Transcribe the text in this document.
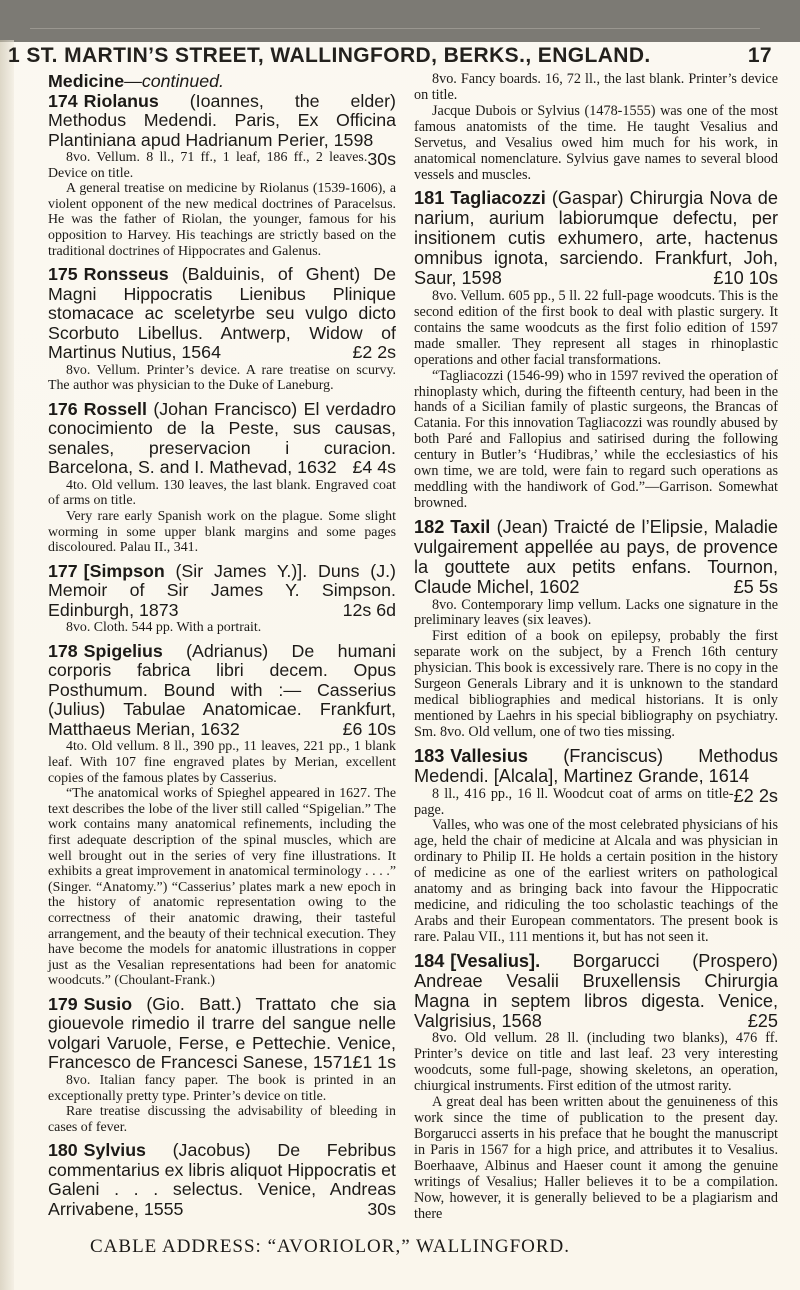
1 ST. MARTIN’S STREET, WALLINGFORD, BERKS., ENGLAND.	17

Medicine—continued.

174 Riolanus (Ioannes, the elder) Methodus Medendi. Paris, Ex Officina Plantiniana apud Hadrianum Perier, 1598
30s

8vo. Vellum. 8 ll., 71 ff., 1 leaf, 186 ff., 2 leaves. Device on title.

A general treatise on medicine by Riolanus (1539-1606), a violent opponent of the new medical doctrines of Paracelsus. He was the father of Riolan, the younger, famous for his opposition to Harvey. His teachings are strictly based on the traditional doctrines of Hippocrates and Galenus.

175 Ronsseus (Balduinis, of Ghent) De Magni Hippocratis Lienibus Plinique stomacace ac sceletyrbe seu vulgo dicto Scorbuto Libellus. Antwerp, Widow of Martinus Nutius, 1564	£2 2s

8vo. Vellum. Printer’s device. A rare treatise on scurvy. The author was physician to the Duke of Laneburg.

176 Rossell (Johan Francisco) El verdadro conocimiento de la Peste, sus causas, senales, preservacion i curacion. Barcelona, S. and I. Mathevad, 1632 £4 4s

4to. Old vellum. 130 leaves, the last blank. Engraved coat of arms on title.

Very rare early Spanish work on the plague. Some slight worming in some upper blank margins and some pages discoloured. Palau II., 341.

177 [Simpson (Sir James Y.)]. Duns (J.) Memoir of Sir James Y. Simpson. Edinburgh, 1873	12s 6d

8vo. Cloth. 544 pp. With a portrait.

178 Spigelius (Adrianus) De humani corporis fabrica libri decem. Opus Posthumum. Bound with :— Casserius (Julius) Tabulae Anatomicae. Frankfurt, Matthaeus Merian, 1632	£6 10s

4to. Old vellum. 8 ll., 390 pp., 11 leaves, 221 pp., 1 blank leaf. With 107 fine engraved plates by Merian, excellent copies of the famous plates by Casserius.

“The anatomical works of Spieghel appeared in 1627. The text describes the lobe of the liver still called “Spigelian.” The work contains many anatomical refinements, including the first adequate description of the spinal muscles, which are well brought out in the series of very fine illustrations. It exhibits a great improvement in anatomical terminology . . . .” (Singer. “Anatomy.”) “Casserius’ plates mark a new epoch in the history of anatomic representation owing to the correctness of their anatomic drawing, their tasteful arrangement, and the beauty of their technical execution. They have become the models for anatomic illustrations in copper just as the Vesalian representations had been for anatomic woodcuts.” (Choulant-Frank.)

179 Susio (Gio. Batt.) Trattato che sia giouevole rimedio il trarre del sangue nelle volgari Varuole, Ferse, e Pettechie. Venice, Francesco de Francesci Sanese, 1571 £1 1s

8vo. Italian fancy paper. The book is printed in an exceptionally pretty type. Printer’s device on title.

Rare treatise discussing the advisability of bleeding in cases of fever.

180 Sylvius (Jacobus) De Febribus commentarius ex libris aliquot Hippocratis et Galeni . . . selectus. Venice, Andreas Arrivabene, 1555	30s

8vo. Fancy boards. 16, 72 ll., the last blank. Printer’s device on title.

Jacque Dubois or Sylvius (1478-1555) was one of the most famous anatomists of the time. He taught Vesalius and Servetus, and Vesalius owed him much for his work, in anatomical nomenclature. Sylvius gave names to several blood vessels and muscles.

181 Tagliacozzi (Gaspar) Chirurgia Nova de narium, aurium labiorumque defectu, per insitionem cutis exhumero, arte, hactenus omnibus ignota, sarciendo. Frankfurt, Joh, Saur, 1598	£10 10s

8vo. Vellum. 605 pp., 5 ll. 22 full-page woodcuts. This is the second edition of the first book to deal with plastic surgery. It contains the same woodcuts as the first folio edition of 1597 made smaller. They represent all stages in rhinoplastic operations and other facial transformations.

“Tagliacozzi (1546-99) who in 1597 revived the operation of rhinoplasty which, during the fifteenth century, had been in the hands of a Sicilian family of plastic surgeons, the Brancas of Catania. For this innovation Tagliacozzi was roundly abused by both Paré and Fallopius and satirised during the following century in Butler’s ‘Hudibras,’ while the ecclesiastics of his own time, we are told, were fain to regard such operations as meddling with the handiwork of God.”—Garrison. Somewhat browned.

182 Taxil (Jean) Traicté de l’Elipsie, Maladie vulgairement appellée au pays, de provence la gouttete aux petits enfans. Tournon, Claude Michel, 1602	£5 5s

8vo. Contemporary limp vellum. Lacks one signature in the preliminary leaves (six leaves).

First edition of a book on epilepsy, probably the first separate work on the subject, by a French 16th century physician. This book is excessively rare. There is no copy in the Surgeon Generals Library and it is unknown to the standard medical bibliographies and medical historians. It is only mentioned by Laehrs in his special bibliography on psychiatry. Sm. 8vo. Old vellum, one of two ties missing.

183 Vallesius (Franciscus) Methodus Medendi. [Alcala], Martinez Grande, 1614
£2 2s

8 ll., 416 pp., 16 ll. Woodcut coat of arms on title-page.

Valles, who was one of the most celebrated physicians of his age, held the chair of medicine at Alcala and was physician in ordinary to Philip II. He holds a certain position in the history of medicine as one of the earliest writers on pathological anatomy and as bringing back into favour the Hippocratic medicine, and ridiculing the too scholastic teachings of the Arabs and their European commentators. The present book is rare. Palau VII., 111 mentions it, but has not seen it.

184 [Vesalius]. Borgarucci (Prospero) Andreae Vesalii Bruxellensis Chirurgia Magna in septem libros digesta. Venice, Valgrisius, 1568	£25

8vo. Old vellum. 28 ll. (including two blanks), 476 ff. Printer’s device on title and last leaf. 23 very interesting woodcuts, some full-page, showing skeletons, an operation, chiurgical instruments. First edition of the utmost rarity.

A great deal has been written about the genuineness of this work since the time of publication to the present day. Borgarucci asserts in his preface that he bought the manuscript in Paris in 1567 for a high price, and attributes it to Vesalius. Boerhaave, Albinus and Haeser count it among the genuine writings of Vesalius; Haller believes it to be a compilation. Now, however, it is generally believed to be a plagiarism and there

CABLE ADDRESS: “AVORIOLOR,” WALLINGFORD.
